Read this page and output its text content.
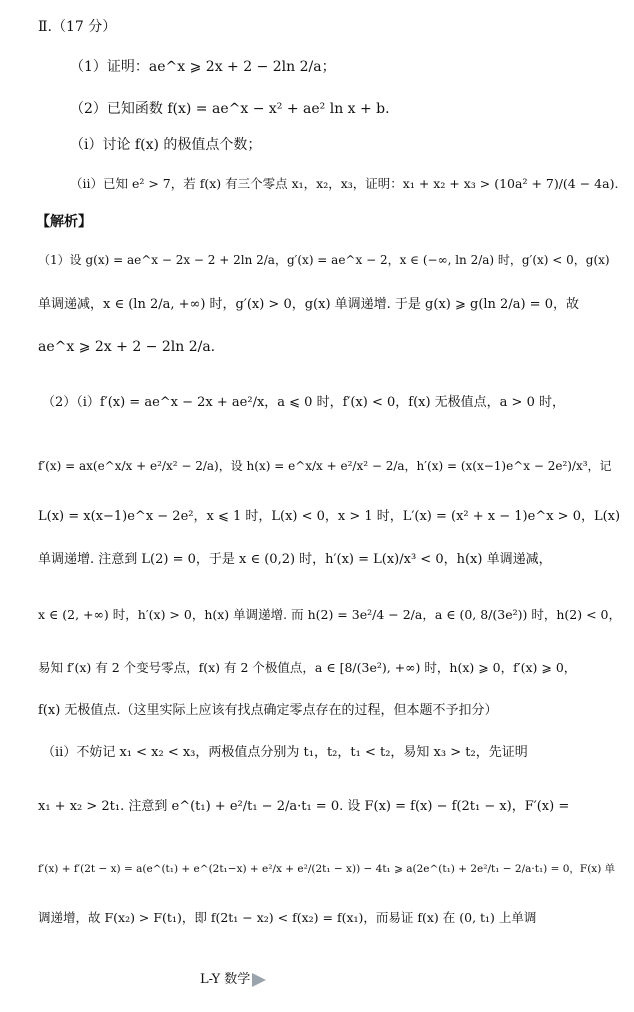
Ⅱ.（17 分）
（1）证明：ae^x ⩾ 2x + 2 − 2ln 2/a；
（2）已知函数 f(x) = ae^x − x² + ae² ln x + b.
（i）讨论 f(x) 的极值点个数；
（ii）已知 e² > 7，若 f(x) 有三个零点 x₁，x₂，x₃，证明：x₁ + x₂ + x₃ > (10a² + 7)/(4 − 4a).
【解析】
（1）设 g(x) = ae^x − 2x − 2 + 2ln 2/a，g′(x) = ae^x − 2，x ∈ (−∞, ln 2/a) 时，g′(x) < 0，g(x)
单调递减，x ∈ (ln 2/a, +∞) 时，g′(x) > 0，g(x) 单调递增. 于是 g(x) ⩾ g(ln 2/a) = 0，故
ae^x ⩾ 2x + 2 − 2ln 2/a.
（2）（i）f′(x) = ae^x − 2x + ae²/x，a ⩽ 0 时，f′(x) < 0，f(x) 无极值点，a > 0 时，
f′(x) = ax(e^x/x + e²/x² − 2/a)，设 h(x) = e^x/x + e²/x² − 2/a，h′(x) = (x(x−1)e^x − 2e²)/x³，记
L(x) = x(x−1)e^x − 2e²，x ⩽ 1 时，L(x) < 0，x > 1 时，L′(x) = (x² + x − 1)e^x > 0，L(x)
单调递增. 注意到 L(2) = 0，于是 x ∈ (0,2) 时，h′(x) = L(x)/x³ < 0，h(x) 单调递减，
x ∈ (2, +∞) 时，h′(x) > 0，h(x) 单调递增. 而 h(2) = 3e²/4 − 2/a，a ∈ (0, 8/(3e²)) 时，h(2) < 0，
易知 f′(x) 有 2 个变号零点，f(x) 有 2 个极值点，a ∈ [8/(3e²), +∞) 时，h(x) ⩾ 0，f′(x) ⩾ 0，
f(x) 无极值点.（这里实际上应该有找点确定零点存在的过程，但本题不予扣分）
（ii）不妨记 x₁ < x₂ < x₃，两极值点分别为 t₁，t₂，t₁ < t₂，易知 x₃ > t₂，先证明
x₁ + x₂ > 2t₁. 注意到 e^(t₁) + e²/t₁ − 2/a·t₁ = 0. 设 F(x) = f(x) − f(2t₁ − x)，F′(x) =
f′(x) + f′(2t − x) = a(e^(t₁) + e^(2t₁−x) + e²/x + e²/(2t₁ − x)) − 4t₁ ⩾ a(2e^(t₁) + 2e²/t₁ − 2/a·t₁) = 0，F(x) 单
调递增，故 F(x₂) > F(t₁)，即 f(2t₁ − x₂) < f(x₂) = f(x₁)，而易证 f(x) 在 (0, t₁) 上单调
L-Y 数学
